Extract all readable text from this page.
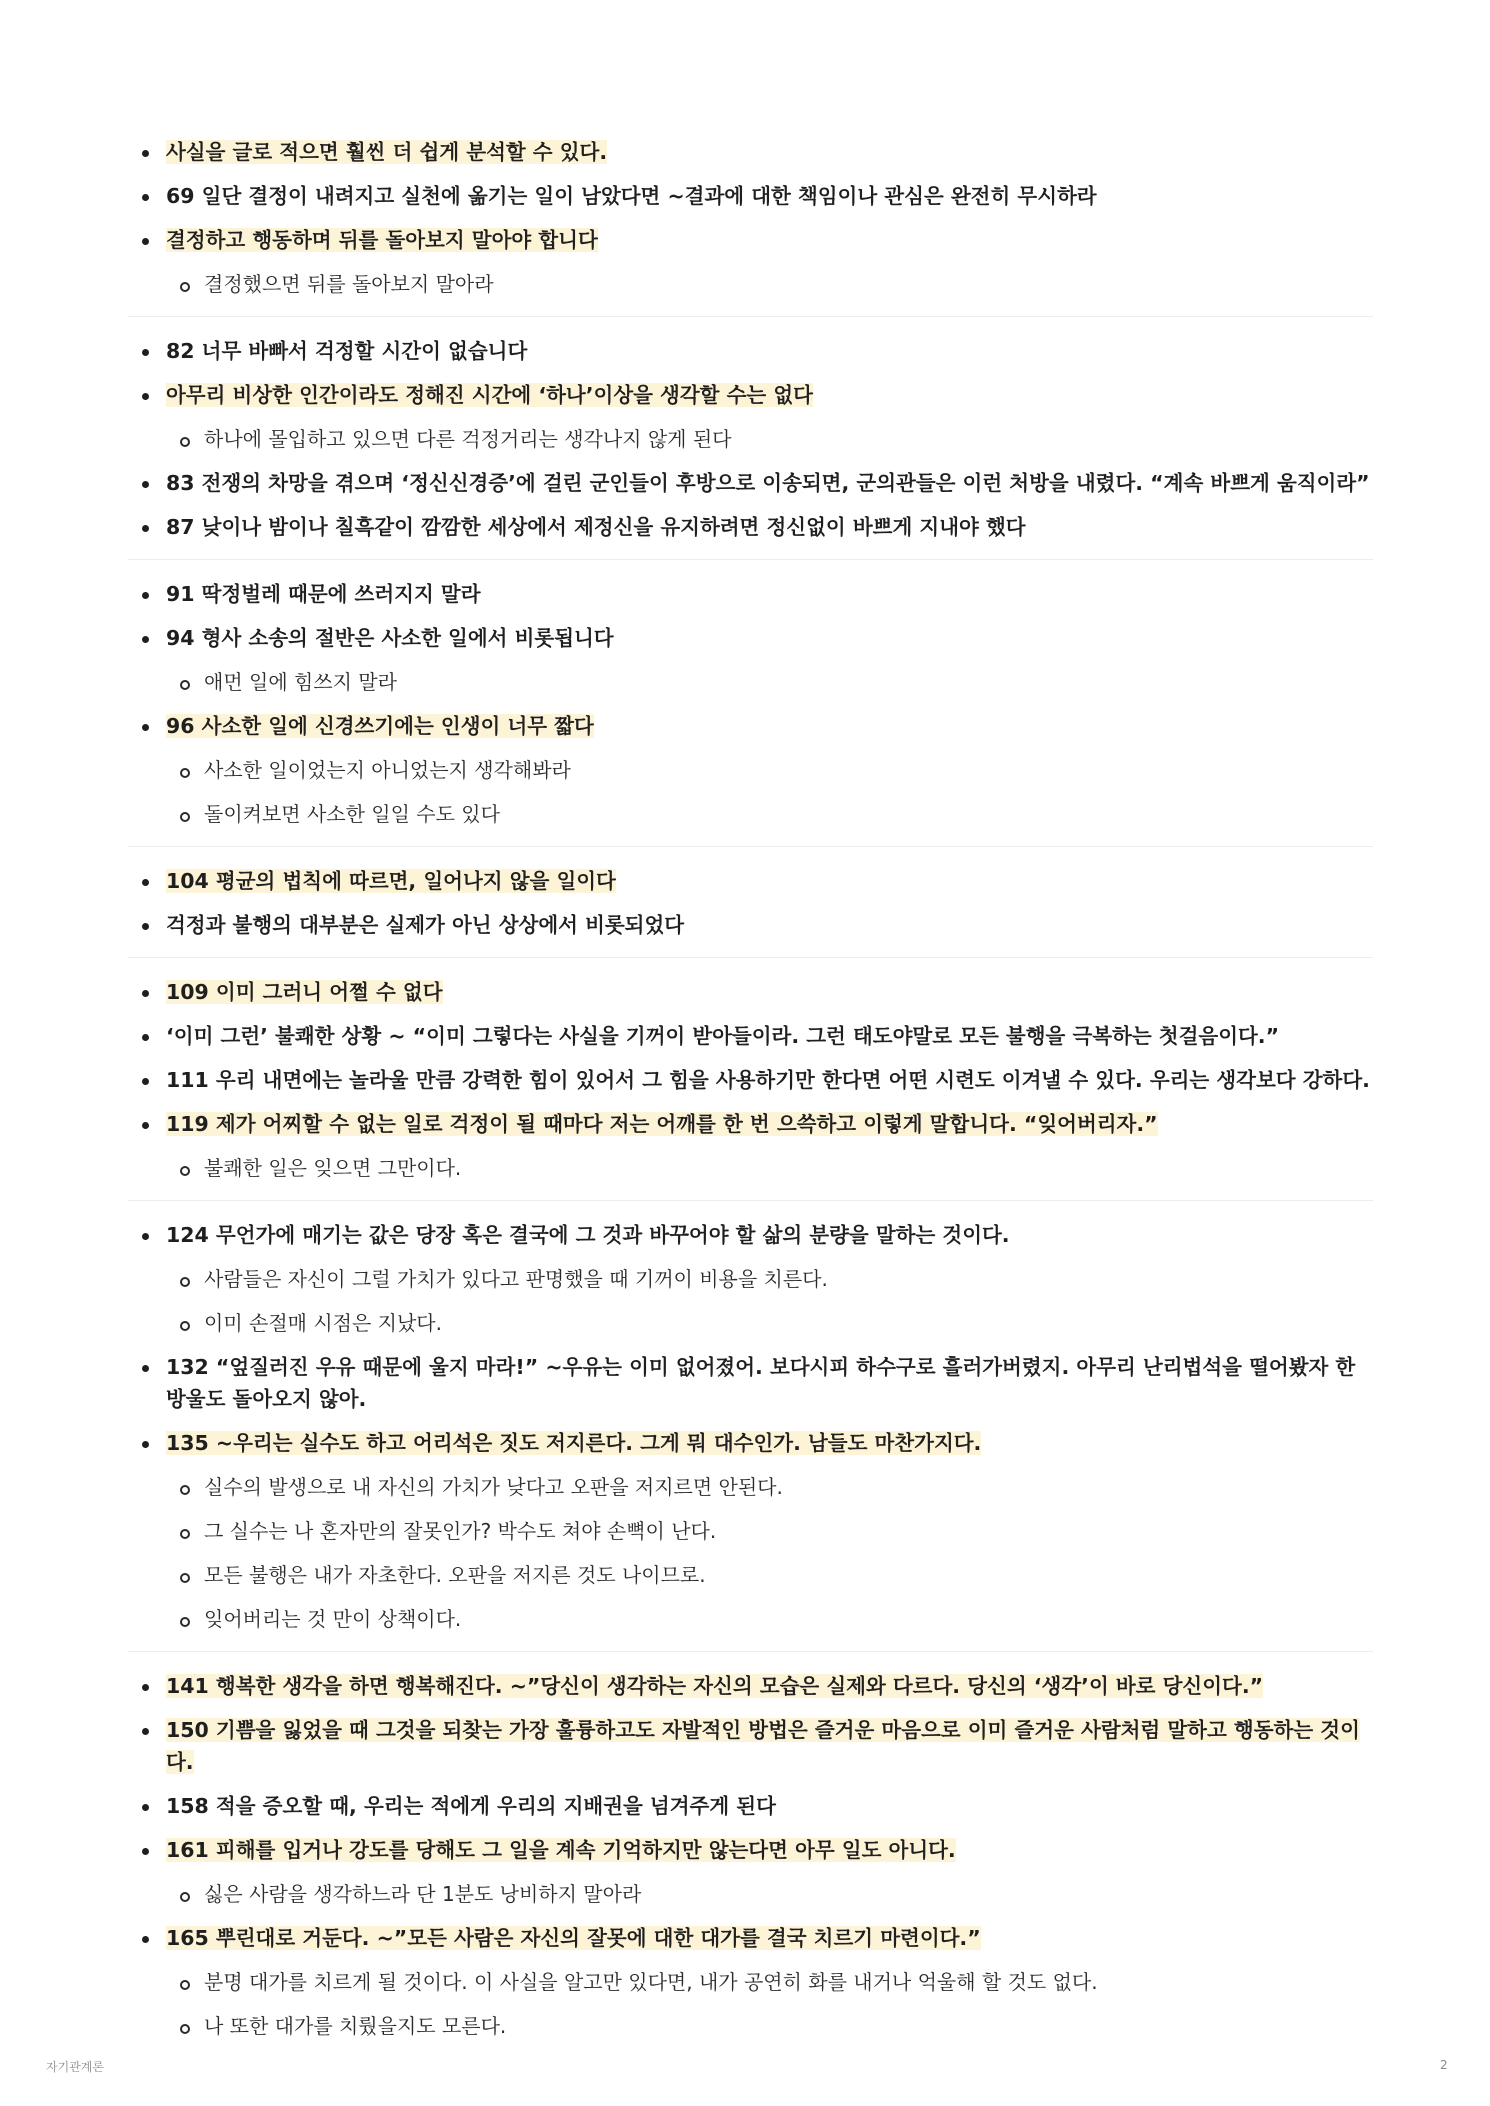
사실을 글로 적으면 훨씬 더 쉽게 분석할 수 있다.
69 일단 결정이 내려지고 실천에 옮기는 일이 남았다면 ~결과에 대한 책임이나 관심은 완전히 무시하라
결정하고 행동하며 뒤를 돌아보지 말아야 합니다
결정했으면 뒤를 돌아보지 말아라
82 너무 바빠서 걱정할 시간이 없습니다
아무리 비상한 인간이라도 정해진 시간에 ‘하나’이상을 생각할 수는 없다
하나에 몰입하고 있으면 다른 걱정거리는 생각나지 않게 된다
83 전쟁의 차망을 겪으며 ‘정신신경증’에 걸린 군인들이 후방으로 이송되면, 군의관들은 이런 처방을 내렸다. “계속 바쁘게 움직이라”
87 낮이나 밤이나 칠흑같이 깜깜한 세상에서 제정신을 유지하려면 정신없이 바쁘게 지내야 했다
91 딱정벌레 때문에 쓰러지지 말라
94 형사 소송의 절반은 사소한 일에서 비롯됩니다
애먼 일에 힘쓰지 말라
96 사소한 일에 신경쓰기에는 인생이 너무 짧다
사소한 일이었는지 아니었는지 생각해봐라
돌이켜보면 사소한 일일 수도 있다
104 평균의 법칙에 따르면, 일어나지 않을 일이다
걱정과 불행의 대부분은 실제가 아닌 상상에서 비롯되었다
109 이미 그러니 어쩔 수 없다
‘이미 그런’ 불쾌한 상황 ~ “이미 그렇다는 사실을 기꺼이 받아들이라. 그런 태도야말로 모든 불행을 극복하는 첫걸음이다.”
111 우리 내면에는 놀라울 만큼 강력한 힘이 있어서 그 힘을 사용하기만 한다면 어떤 시련도 이겨낼 수 있다. 우리는 생각보다 강하다.
119 제가 어찌할 수 없는 일로 걱정이 될 때마다 저는 어깨를 한 번 으쓱하고 이렇게 말합니다. “잊어버리자.”
불쾌한 일은 잊으면 그만이다.
124 무언가에 매기는 값은 당장 혹은 결국에 그 것과 바꾸어야 할 삶의 분량을 말하는 것이다.
사람들은 자신이 그럴 가치가 있다고 판명했을 때 기꺼이 비용을 치른다.
이미 손절매 시점은 지났다.
132 “엎질러진 우유 때문에 울지 마라!” ~우유는 이미 없어졌어. 보다시피 하수구로 흘러가버렸지. 아무리 난리법석을 떨어봤자 한 방울도 돌아오지 않아.
135 ~우리는 실수도 하고 어리석은 짓도 저지른다. 그게 뭐 대수인가. 남들도 마찬가지다.
실수의 발생으로 내 자신의 가치가 낮다고 오판을 저지르면 안된다.
그 실수는 나 혼자만의 잘못인가? 박수도 쳐야 손뼉이 난다.
모든 불행은 내가 자초한다. 오판을 저지른 것도 나이므로.
잊어버리는 것 만이 상책이다.
141 행복한 생각을 하면 행복해진다. ~”당신이 생각하는 자신의 모습은 실제와 다르다. 당신의 ‘생각’이 바로 당신이다.”
150 기쁨을 잃었을 때 그것을 되찾는 가장 훌륭하고도 자발적인 방법은 즐거운 마음으로 이미 즐거운 사람처럼 말하고 행동하는 것이다.
158 적을 증오할 때, 우리는 적에게 우리의 지배권을 넘겨주게 된다
161 피해를 입거나 강도를 당해도 그 일을 계속 기억하지만 않는다면 아무 일도 아니다.
싫은 사람을 생각하느라 단 1분도 낭비하지 말아라
165 뿌린대로 거둔다. ~”모든 사람은 자신의 잘못에 대한 대가를 결국 치르기 마련이다.”
분명 대가를 치르게 될 것이다. 이 사실을 알고만 있다면, 내가 공연히 화를 내거나 억울해 할 것도 없다.
나 또한 대가를 치뤘을지도 모른다.
자기관계론	2
